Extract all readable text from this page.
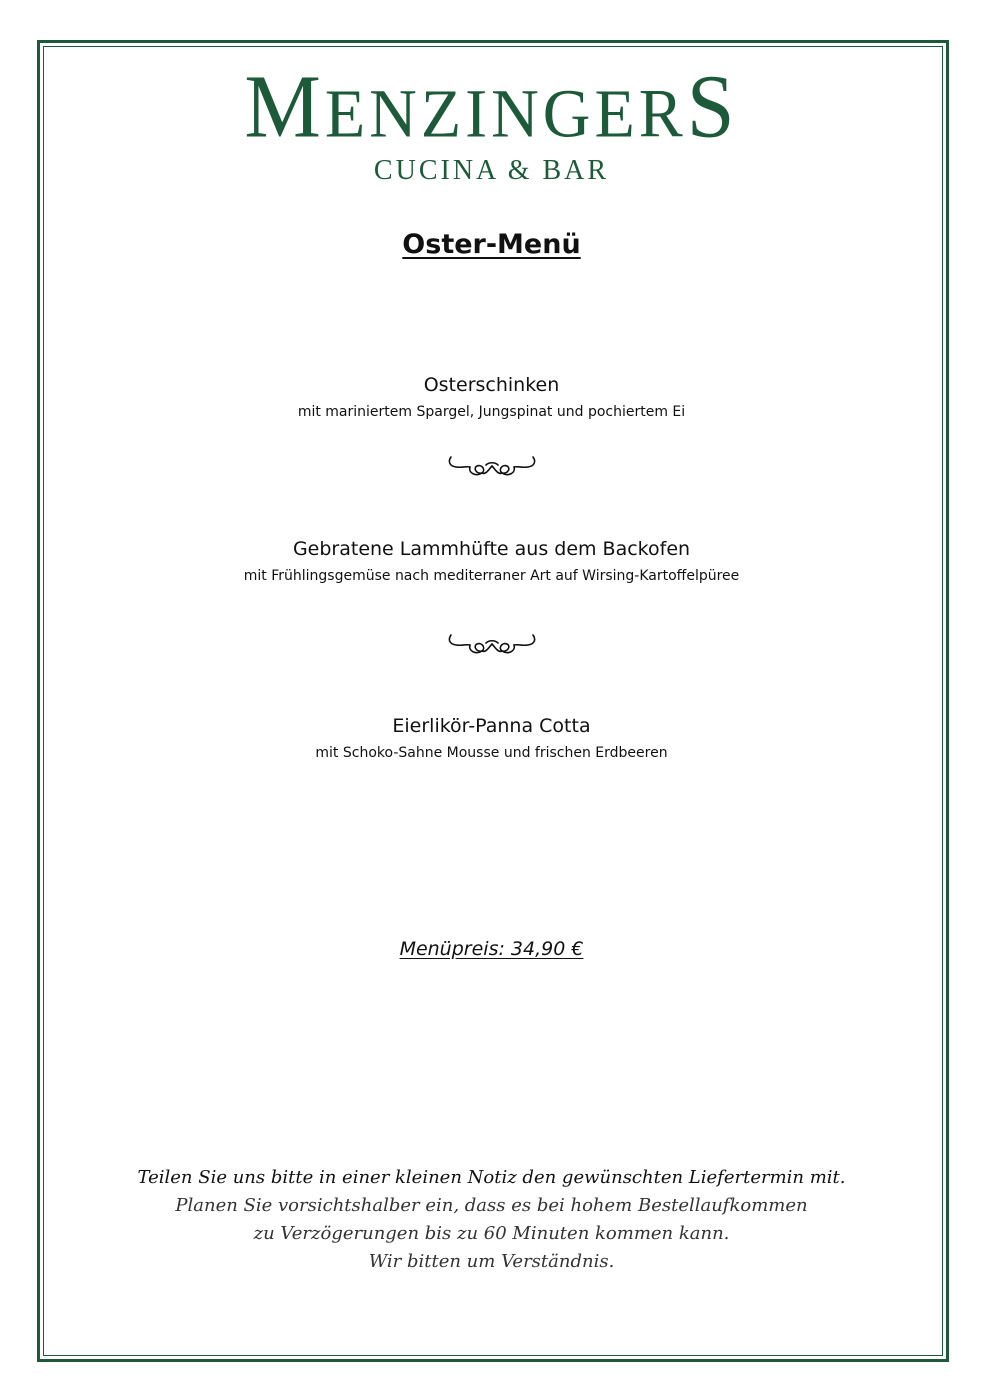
MENZINGERS
CUCINA & BAR
Oster-Menü
Osterschinken
mit mariniertem Spargel, Jungspinat und pochiertem Ei
Gebratene Lammhüfte aus dem Backofen
mit Frühlingsgemüse nach mediterraner Art auf Wirsing-Kartoffelpüree
Eierlikör-Panna Cotta
mit Schoko-Sahne Mousse und frischen Erdbeeren
Menüpreis: 34,90 €
Teilen Sie uns bitte in einer kleinen Notiz den gewünschten Liefertermin mit.
Planen Sie vorsichtshalber ein, dass es bei hohem Bestellaufkommen
zu Verzögerungen bis zu 60 Minuten kommen kann.
Wir bitten um Verständnis.
